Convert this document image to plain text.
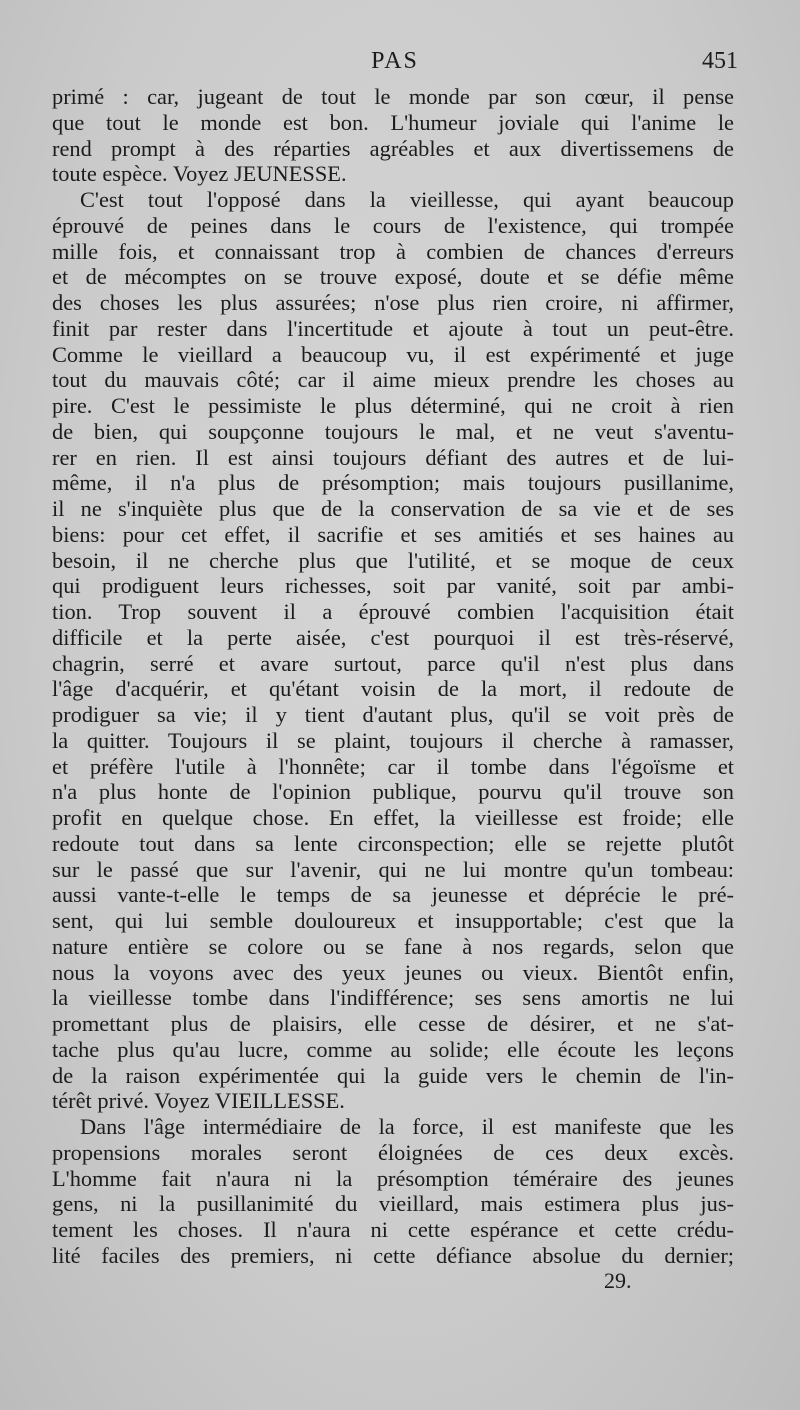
PAS	451
primé : car, jugeant de tout le monde par son cœur, il pense
que tout le monde est bon. L'humeur joviale qui l'anime le
rend prompt à des réparties agréables et aux divertissemens de
toute espèce. Voyez JEUNESSE.
C'est tout l'opposé dans la vieillesse, qui ayant beaucoup
éprouvé de peines dans le cours de l'existence, qui trompée
mille fois, et connaissant trop à combien de chances d'erreurs
et de mécomptes on se trouve exposé, doute et se défie même
des choses les plus assurées; n'ose plus rien croire, ni affirmer,
finit par rester dans l'incertitude et ajoute à tout un peut-être.
Comme le vieillard a beaucoup vu, il est expérimenté et juge
tout du mauvais côté; car il aime mieux prendre les choses au
pire. C'est le pessimiste le plus déterminé, qui ne croit à rien
de bien, qui soupçonne toujours le mal, et ne veut s'aventu-
rer en rien. Il est ainsi toujours défiant des autres et de lui-
même, il n'a plus de présomption; mais toujours pusillanime,
il ne s'inquiète plus que de la conservation de sa vie et de ses
biens: pour cet effet, il sacrifie et ses amitiés et ses haines au
besoin, il ne cherche plus que l'utilité, et se moque de ceux
qui prodiguent leurs richesses, soit par vanité, soit par ambi-
tion. Trop souvent il a éprouvé combien l'acquisition était
difficile et la perte aisée, c'est pourquoi il est très-réservé,
chagrin, serré et avare surtout, parce qu'il n'est plus dans
l'âge d'acquérir, et qu'étant voisin de la mort, il redoute de
prodiguer sa vie; il y tient d'autant plus, qu'il se voit près de
la quitter. Toujours il se plaint, toujours il cherche à ramasser,
et préfère l'utile à l'honnête; car il tombe dans l'égoïsme et
n'a plus honte de l'opinion publique, pourvu qu'il trouve son
profit en quelque chose. En effet, la vieillesse est froide; elle
redoute tout dans sa lente circonspection; elle se rejette plutôt
sur le passé que sur l'avenir, qui ne lui montre qu'un tombeau:
aussi vante-t-elle le temps de sa jeunesse et déprécie le pré-
sent, qui lui semble douloureux et insupportable; c'est que la
nature entière se colore ou se fane à nos regards, selon que
nous la voyons avec des yeux jeunes ou vieux. Bientôt enfin,
la vieillesse tombe dans l'indifférence; ses sens amortis ne lui
promettant plus de plaisirs, elle cesse de désirer, et ne s'at-
tache plus qu'au lucre, comme au solide; elle écoute les leçons
de la raison expérimentée qui la guide vers le chemin de l'in-
térêt privé. Voyez VIEILLESSE.
Dans l'âge intermédiaire de la force, il est manifeste que les
propensions morales seront éloignées de ces deux excès.
L'homme fait n'aura ni la présomption téméraire des jeunes
gens, ni la pusillanimité du vieillard, mais estimera plus jus-
tement les choses. Il n'aura ni cette espérance et cette crédu-
lité faciles des premiers, ni cette défiance absolue du dernier;
29.
